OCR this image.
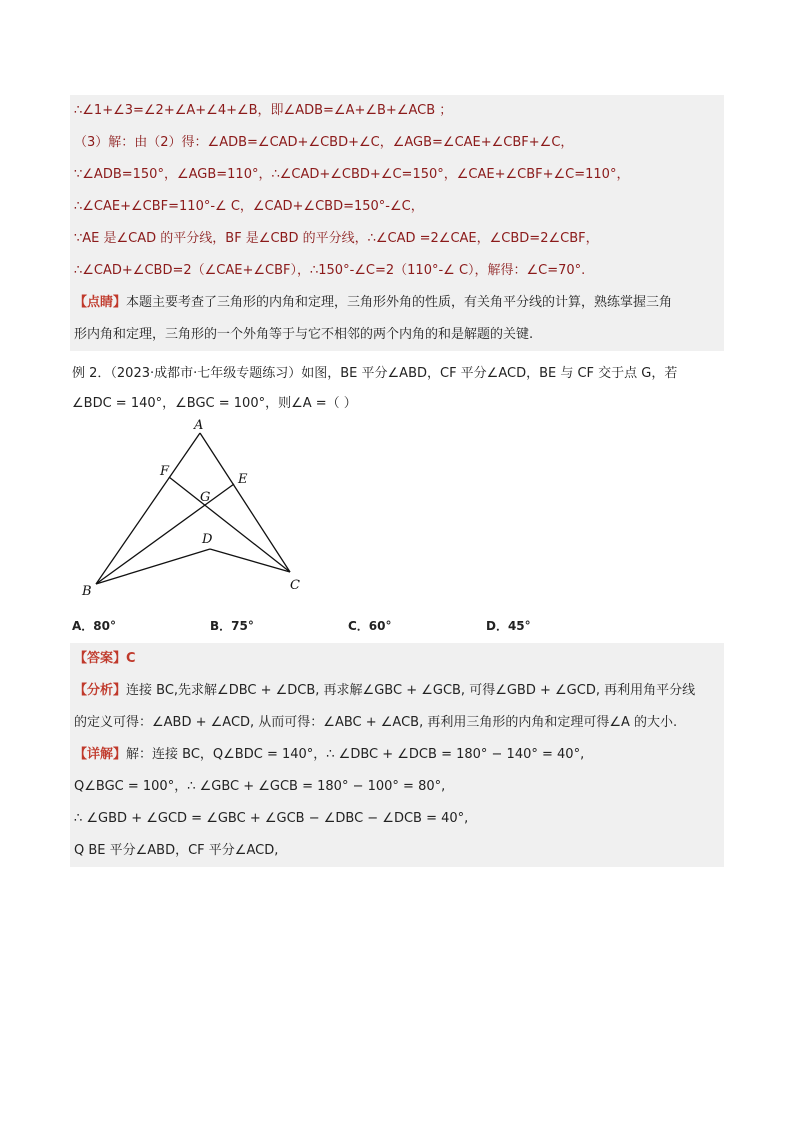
∴∠1+∠3=∠2+∠A+∠4+∠B，即∠ADB=∠A+∠B+∠ACB ；
（3）解：由（2）得：∠ADB=∠CAD+∠CBD+∠C，∠AGB=∠CAE+∠CBF+∠C，
∵∠ADB=150°，∠AGB=110°，∴∠CAD+∠CBD+∠C=150°，∠CAE+∠CBF+∠C=110°，
∴∠CAE+∠CBF=110°-∠ C，∠CAD+∠CBD=150°-∠C，
∵AE 是∠CAD 的平分线，BF 是∠CBD 的平分线，∴∠CAD =2∠CAE，∠CBD=2∠CBF，
∴∠CAD+∠CBD=2（∠CAE+∠CBF），∴150°-∠C=2（110°-∠ C），解得：∠C=70°.
【点睛】本题主要考查了三角形的内角和定理，三角形外角的性质，有关角平分线的计算，熟练掌握三角
形内角和定理，三角形的一个外角等于与它不相邻的两个内角的和是解题的关键.
例 2．（2023·成都市·七年级专题练习）如图，BE 平分∠ABD，CF 平分∠ACD，BE 与 CF 交于点 G，若
∠BDC = 140°，∠BGC = 100°，则∠A =（ ）
A
B	C
D
E
F
G
A．80°	B．75°	C．60°	D．45°
【答案】C
【分析】连接 BC,先求解∠DBC + ∠DCB, 再求解∠GBC + ∠GCB, 可得∠GBD + ∠GCD, 再利用角平分线
的定义可得：∠ABD + ∠ACD, 从而可得：∠ABC + ∠ACB, 再利用三角形的内角和定理可得∠A 的大小.
【详解】解：连接 BC，Q∠BDC = 140°，∴ ∠DBC + ∠DCB = 180° − 140° = 40°,
Q∠BGC = 100°，∴ ∠GBC + ∠GCB = 180° − 100° = 80°,
∴ ∠GBD + ∠GCD = ∠GBC + ∠GCB − ∠DBC − ∠DCB = 40°,
Q BE 平分∠ABD，CF 平分∠ACD,
